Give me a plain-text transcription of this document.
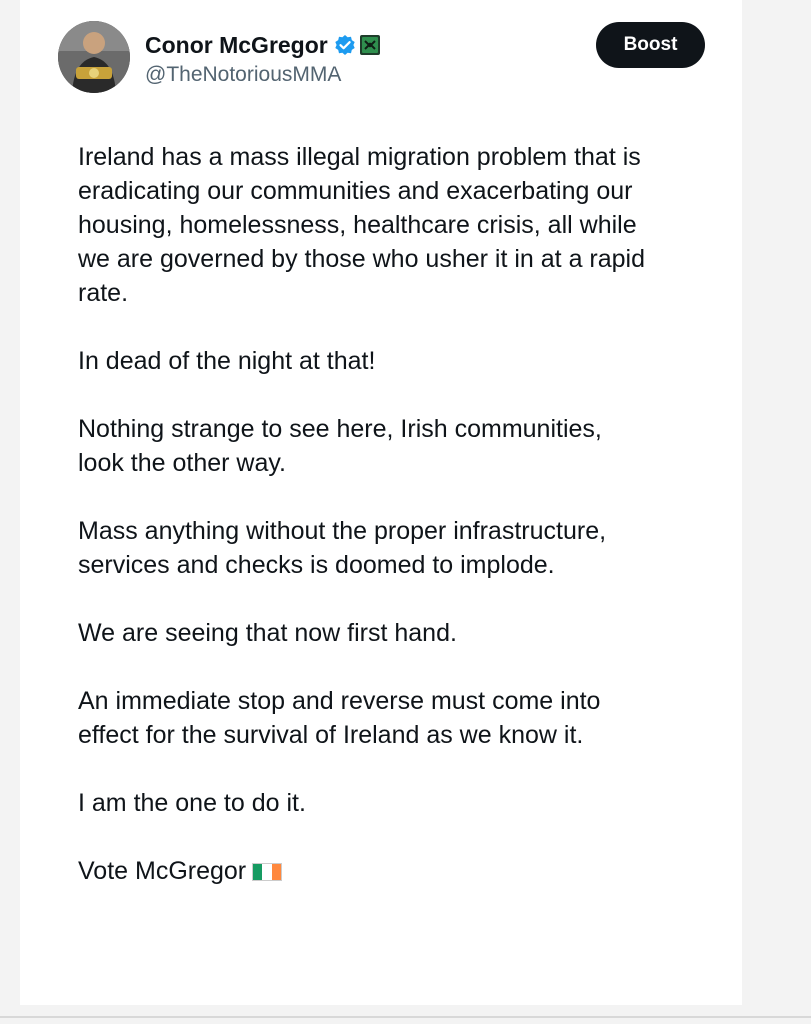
Conor McGregor
@TheNotoriousMMA
Boost

Ireland has a mass illegal migration problem that is
eradicating our communities and exacerbating our
housing, homelessness, healthcare crisis, all while
we are governed by those who usher it in at a rapid
rate.

In dead of the night at that!

Nothing strange to see here, Irish communities,
look the other way.

Mass anything without the proper infrastructure,
services and checks is doomed to implode.

We are seeing that now first hand.

An immediate stop and reverse must come into
effect for the survival of Ireland as we know it.

I am the one to do it.

Vote McGregor
